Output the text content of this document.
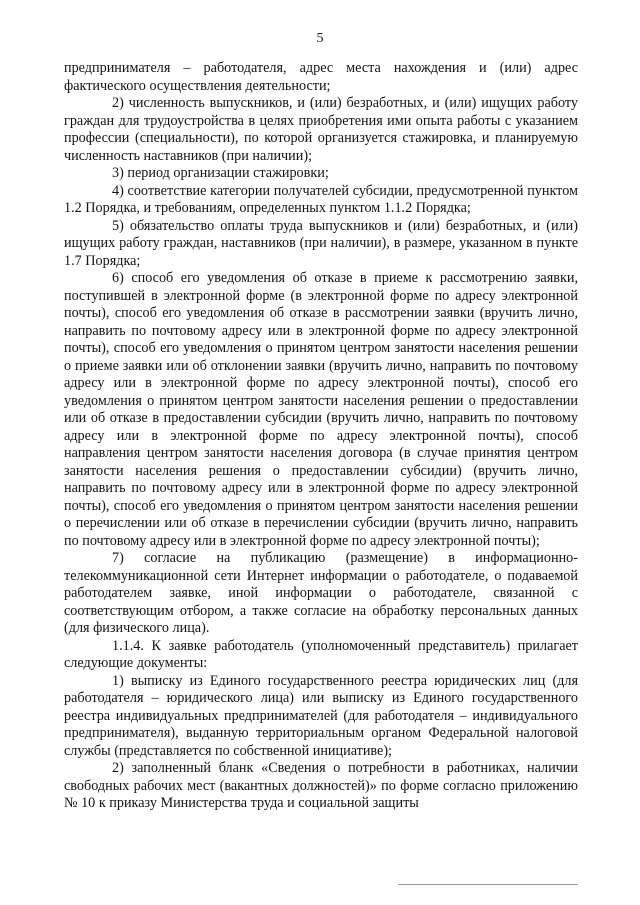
5

предпринимателя – работодателя, адрес места нахождения и (или) адрес фактического осуществления деятельности;

2) численность выпускников, и (или) безработных, и (или) ищущих работу граждан для трудоустройства в целях приобретения ими опыта работы с указанием профессии (специальности), по которой организуется стажировка, и планируемую численность наставников (при наличии);

3) период организации стажировки;

4) соответствие категории получателей субсидии, предусмотренной пунктом 1.2 Порядка, и требованиям, определенных пунктом 1.1.2 Порядка;

5) обязательство оплаты труда выпускников и (или) безработных, и (или) ищущих работу граждан, наставников (при наличии), в размере, указанном в пункте 1.7 Порядка;

6) способ его уведомления об отказе в приеме к рассмотрению заявки, поступившей в электронной форме (в электронной форме по адресу электронной почты), способ его уведомления об отказе в рассмотрении заявки (вручить лично, направить по почтовому адресу или в электронной форме по адресу электронной почты), способ его уведомления о принятом центром занятости населения решении о приеме заявки или об отклонении заявки (вручить лично, направить по почтовому адресу или в электронной форме по адресу электронной почты), способ его уведомления о принятом центром занятости населения решении о предоставлении или об отказе в предоставлении субсидии (вручить лично, направить по почтовому адресу или в электронной форме по адресу электронной почты), способ направления центром занятости населения договора (в случае принятия центром занятости населения решения о предоставлении субсидии) (вручить лично, направить по почтовому адресу или в электронной форме по адресу электронной почты), способ его уведомления о принятом центром занятости населения решении о перечислении или об отказе в перечислении субсидии (вручить лично, направить по почтовому адресу или в электронной форме по адресу электронной почты);

7) согласие на публикацию (размещение) в информационно-телекоммуникационной сети Интернет информации о работодателе, о подаваемой работодателем заявке, иной информации о работодателе, связанной с соответствующим отбором, а также согласие на обработку персональных данных (для физического лица).

1.1.4. К заявке работодатель (уполномоченный представитель) прилагает следующие документы:

1) выписку из Единого государственного реестра юридических лиц (для работодателя – юридического лица) или выписку из Единого государственного реестра индивидуальных предпринимателей (для работодателя – индивидуального предпринимателя), выданную территориальным органом Федеральной налоговой службы (представляется по собственной инициативе);

2) заполненный бланк «Сведения о потребности в работниках, наличии свободных рабочих мест (вакантных должностей)» по форме согласно приложению № 10 к приказу Министерства труда и социальной защиты
